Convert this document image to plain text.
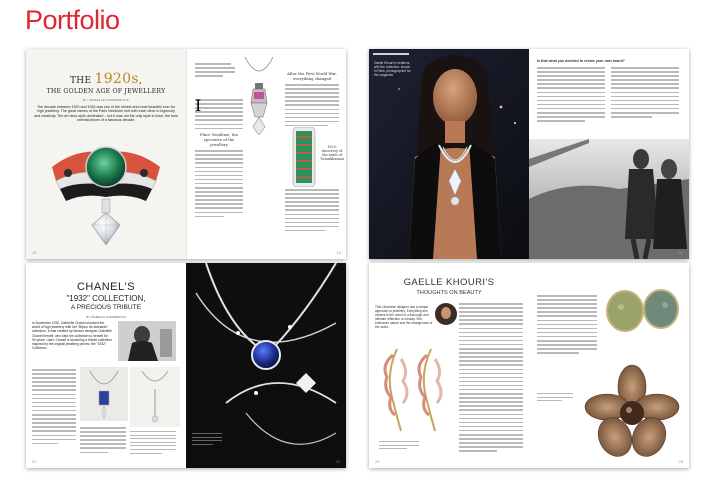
Portfolio
THE 1920s,
THE GOLDEN AGE OF JEWELLERY
BY ISABELLE DORMEROUS
The decade between 1920 and 1930 was one of the richest and most beautiful ever for high jewellery. The great names of the Paris Vendôme met with each other in ingenuity and creativity. The art deco style dominated – but it was not the only style in town, the bold oriental pieces of a fabulous decade.
18
I
Place Vendôme, the epicentre of the jewellery
After the First World War, everything changed
1925: discovery of the tomb of Tutankhamun
19
Gaelle Khouri's creations with the collection, shown in Paris, photographed for the magazine
Is that what you decided to create your own brand?
21
CHANEL'S
"1932" COLLECTION,
A PRECIOUS TRIBUTE
BY ISABELLE DORMEROUS
In November 1932, Gabrielle Chanel shocked the world of high jewellery with her "Bijoux de diamants" collection. It was created by fashion designer Gabrielle Chanel herself, who kept the collection to herself for 90 years. Later, Chanel is launching a tribute collection inspired by the original jewellery pieces: the "1932" Collection.
22	23
GAELLE KHOURI'S
THOUGHTS ON BEAUTY
This Lebanese designer has a unique approach to jewellery. Everything she creates is the result of a thorough and intimate reflection on beauty. She embraces nature and the strangeness of the world.
24	25
